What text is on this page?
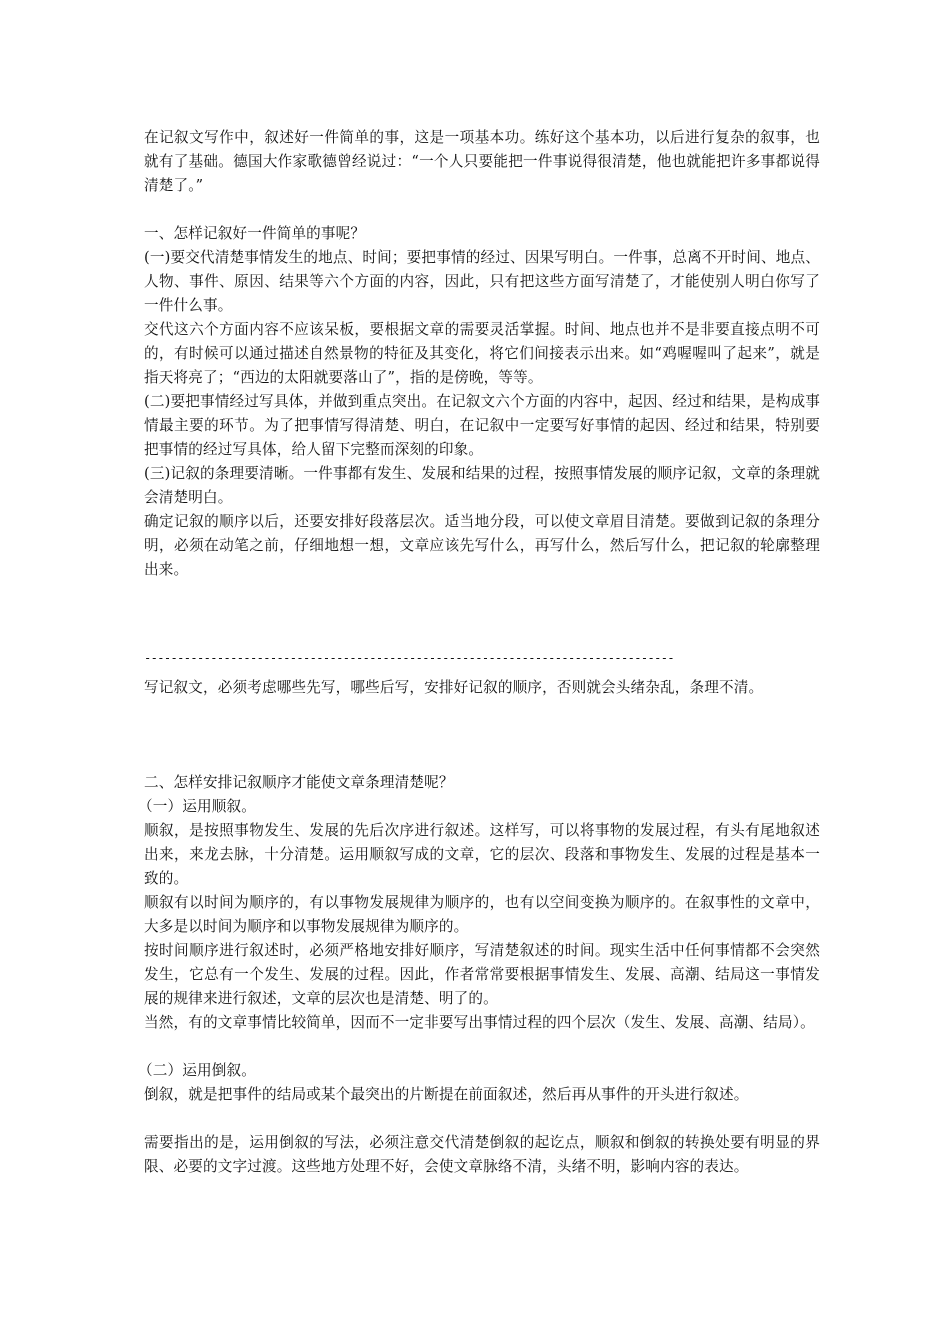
在记叙文写作中，叙述好一件简单的事，这是一项基本功。练好这个基本功，以后进行复杂的叙事，也就有了基础。德国大作家歌德曾经说过：“一个人只要能把一件事说得很清楚，他也就能把许多事都说得清楚了。”

一、怎样记叙好一件简单的事呢？

(一)要交代清楚事情发生的地点、时间；要把事情的经过、因果写明白。一件事，总离不开时间、地点、人物、事件、原因、结果等六个方面的内容，因此，只有把这些方面写清楚了，才能使别人明白你写了一件什么事。

交代这六个方面内容不应该呆板，要根据文章的需要灵活掌握。时间、地点也并不是非要直接点明不可的，有时候可以通过描述自然景物的特征及其变化，将它们间接表示出来。如“鸡喔喔叫了起来”，就是指天将亮了；“西边的太阳就要落山了”，指的是傍晚，等等。

(二)要把事情经过写具体，并做到重点突出。在记叙文六个方面的内容中，起因、经过和结果，是构成事情最主要的环节。为了把事情写得清楚、明白，在记叙中一定要写好事情的起因、经过和结果，特别要把事情的经过写具体，给人留下完整而深刻的印象。

(三)记叙的条理要清晰。一件事都有发生、发展和结果的过程，按照事情发展的顺序记叙，文章的条理就会清楚明白。

确定记叙的顺序以后，还要安排好段落层次。适当地分段，可以使文章眉目清楚。要做到记叙的条理分明，必须在动笔之前，仔细地想一想，文章应该先写什么，再写什么，然后写什么，把记叙的轮廓整理出来。

--------------------------------------------------------------------------------

写记叙文，必须考虑哪些先写，哪些后写，安排好记叙的顺序，否则就会头绪杂乱，条理不清。

二、怎样安排记叙顺序才能使文章条理清楚呢？

（一）运用顺叙。

顺叙，是按照事物发生、发展的先后次序进行叙述。这样写，可以将事物的发展过程，有头有尾地叙述出来，来龙去脉，十分清楚。运用顺叙写成的文章，它的层次、段落和事物发生、发展的过程是基本一致的。

顺叙有以时间为顺序的，有以事物发展规律为顺序的，也有以空间变换为顺序的。在叙事性的文章中，大多是以时间为顺序和以事物发展规律为顺序的。

按时间顺序进行叙述时，必须严格地安排好顺序，写清楚叙述的时间。现实生活中任何事情都不会突然发生，它总有一个发生、发展的过程。因此，作者常常要根据事情发生、发展、高潮、结局这一事情发展的规律来进行叙述，文章的层次也是清楚、明了的。

当然，有的文章事情比较简单，因而不一定非要写出事情过程的四个层次（发生、发展、高潮、结局）。

（二）运用倒叙。

倒叙，就是把事件的结局或某个最突出的片断提在前面叙述，然后再从事件的开头进行叙述。

需要指出的是，运用倒叙的写法，必须注意交代清楚倒叙的起讫点，顺叙和倒叙的转换处要有明显的界限、必要的文字过渡。这些地方处理不好，会使文章脉络不清，头绪不明，影响内容的表达。
